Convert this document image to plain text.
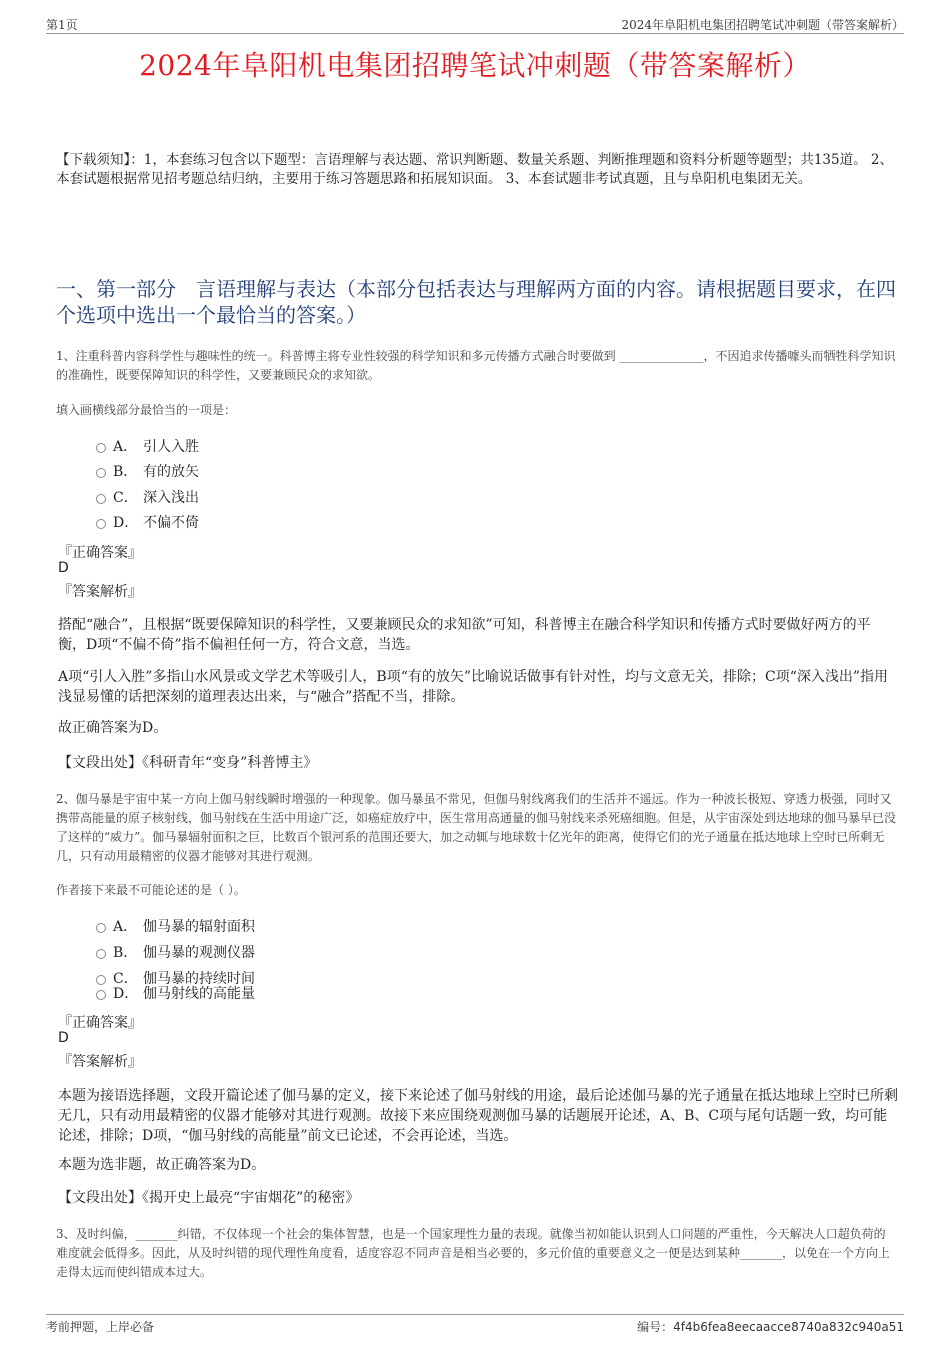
第1页	2024年阜阳机电集团招聘笔试冲刺题（带答案解析）
2024年阜阳机电集团招聘笔试冲刺题（带答案解析）
【下载须知】：1，本套练习包含以下题型：言语理解与表达题、常识判断题、数量关系题、判断推理题和资料分析题等题型；共135道。 2、本套试题根据常见招考题总结归纳，主要用于练习答题思路和拓展知识面。 3、本套试题非考试真题，且与阜阳机电集团无关。
一、第一部分　言语理解与表达（本部分包括表达与理解两方面的内容。请根据题目要求，在四个选项中选出一个最恰当的答案。）
1、注重科普内容科学性与趣味性的统一。科普博主将专业性较强的科学知识和多元传播方式融合时要做到 ______________，不因追求传播噱头而牺牲科学知识的准确性，既要保障知识的科学性，又要兼顾民众的求知欲。
填入画横线部分最恰当的一项是：
A． 引人入胜
B． 有的放矢
C． 深入浅出
D． 不偏不倚
『正确答案』
D
『答案解析』
搭配“融合”，且根据“既要保障知识的科学性，又要兼顾民众的求知欲”可知，科普博主在融合科学知识和传播方式时要做好两方的平衡，D项“不偏不倚”指不偏袒任何一方，符合文意，当选。
A项“引人入胜”多指山水风景或文学艺术等吸引人，B项“有的放矢”比喻说话做事有针对性，均与文意无关，排除；C项“深入浅出”指用浅显易懂的话把深刻的道理表达出来，与“融合”搭配不当，排除。
故正确答案为D。
【文段出处】《科研青年“变身”科普博主》
2、伽马暴是宇宙中某一方向上伽马射线瞬时增强的一种现象。伽马暴虽不常见，但伽马射线离我们的生活并不遥远。作为一种波长极短、穿透力极强，同时又携带高能量的原子核射线，伽马射线在生活中用途广泛，如癌症放疗中，医生常用高通量的伽马射线来杀死癌细胞。但是，从宇宙深处到达地球的伽马暴早已没了这样的“威力”。伽马暴辐射面积之巨，比数百个银河系的范围还要大，加之动辄与地球数十亿光年的距离，使得它们的光子通量在抵达地球上空时已所剩无几，只有动用最精密的仪器才能够对其进行观测。
作者接下来最不可能论述的是（ ）。
A． 伽马暴的辐射面积
B． 伽马暴的观测仪器
C． 伽马暴的持续时间
D． 伽马射线的高能量
『正确答案』
D
『答案解析』
本题为接语选择题，文段开篇论述了伽马暴的定义，接下来论述了伽马射线的用途，最后论述伽马暴的光子通量在抵达地球上空时已所剩无几，只有动用最精密的仪器才能够对其进行观测。故接下来应围绕观测伽马暴的话题展开论述，A、B、C项与尾句话题一致，均可能论述，排除；D项，“伽马射线的高能量”前文已论述，不会再论述，当选。
本题为选非题，故正确答案为D。
【文段出处】《揭开史上最亮“宇宙烟花”的秘密》
3、及时纠偏，_______纠错，不仅体现一个社会的集体智慧，也是一个国家理性力量的表现。就像当初如能认识到人口问题的严重性，今天解决人口超负荷的难度就会低得多。因此，从及时纠错的现代理性角度看，适度容忍不同声音是相当必要的，多元价值的重要意义之一便是达到某种_______，以免在一个方向上走得太远而使纠错成本过大。
考前押题，上岸必备	编号：4f4b6fea8eecaacce8740a832c940a51
